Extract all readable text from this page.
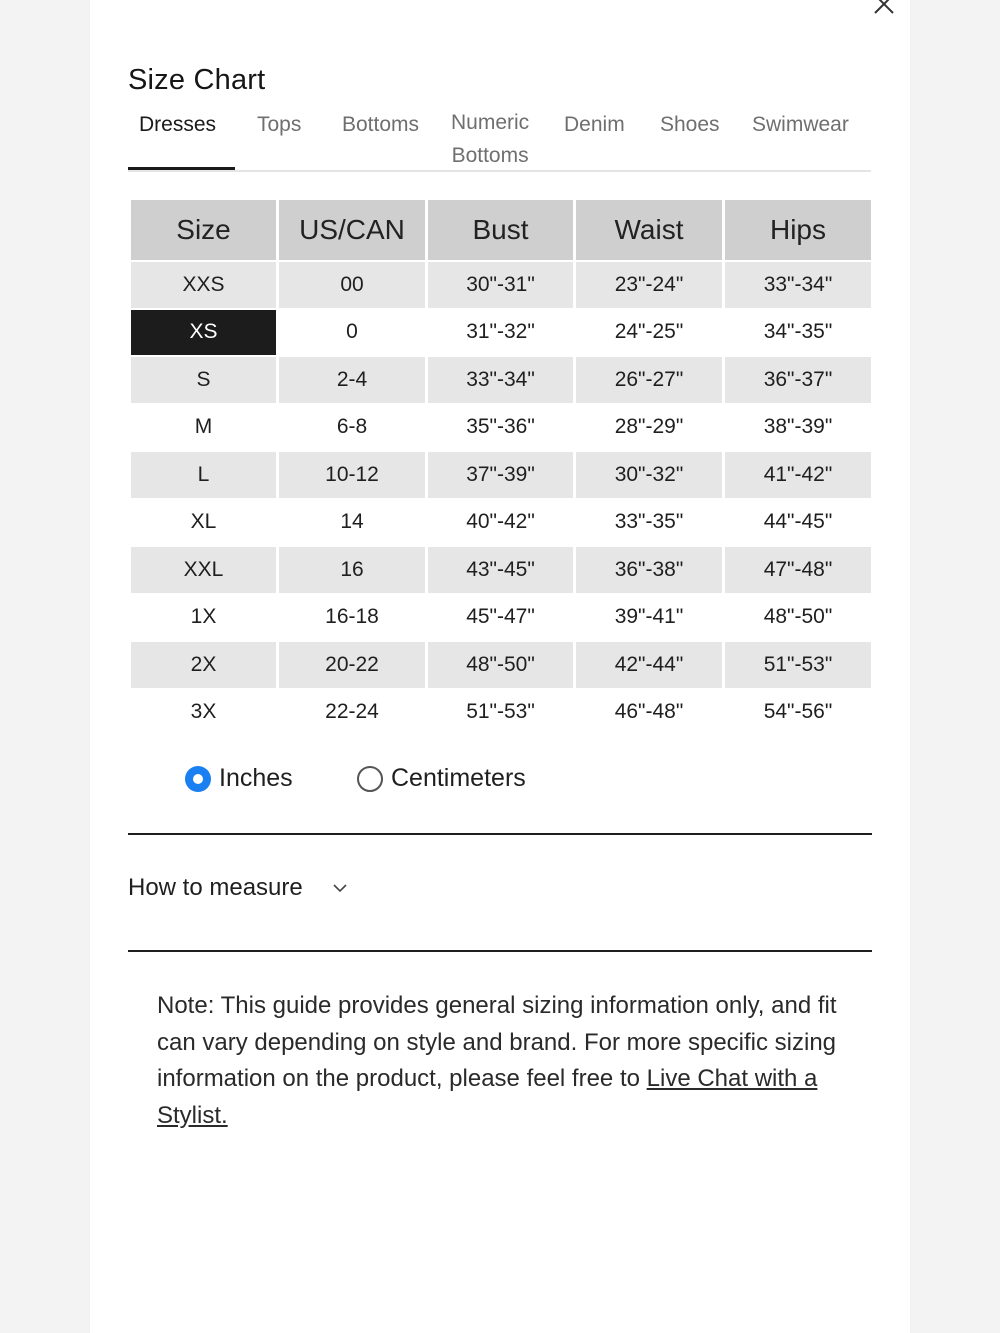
Size Chart
Dresses Tops Bottoms Numeric
Bottoms
Denim Shoes Swimwear
Size	US/CAN	Bust	Waist	Hips
XXS	00	30"-31"	23"-24"	33"-34"
XS	0	31"-32"	24"-25"	34"-35"
S	2-4	33"-34"	26"-27"	36"-37"
M	6-8	35"-36"	28"-29"	38"-39"
L	10-12	37"-39"	30"-32"	41"-42"
XL	14	40"-42"	33"-35"	44"-45"
XXL	16	43"-45"	36"-38"	47"-48"
1X	16-18	45"-47"	39"-41"	48"-50"
2X	20-22	48"-50"	42"-44"	51"-53"
3X	22-24	51"-53"	46"-48"	54"-56"
Inches	Centimeters
How to measure
Note: This guide provides general sizing information only, and fit can vary depending on style and brand. For more specific sizing information on the product, please feel free to Live Chat with a Stylist.
